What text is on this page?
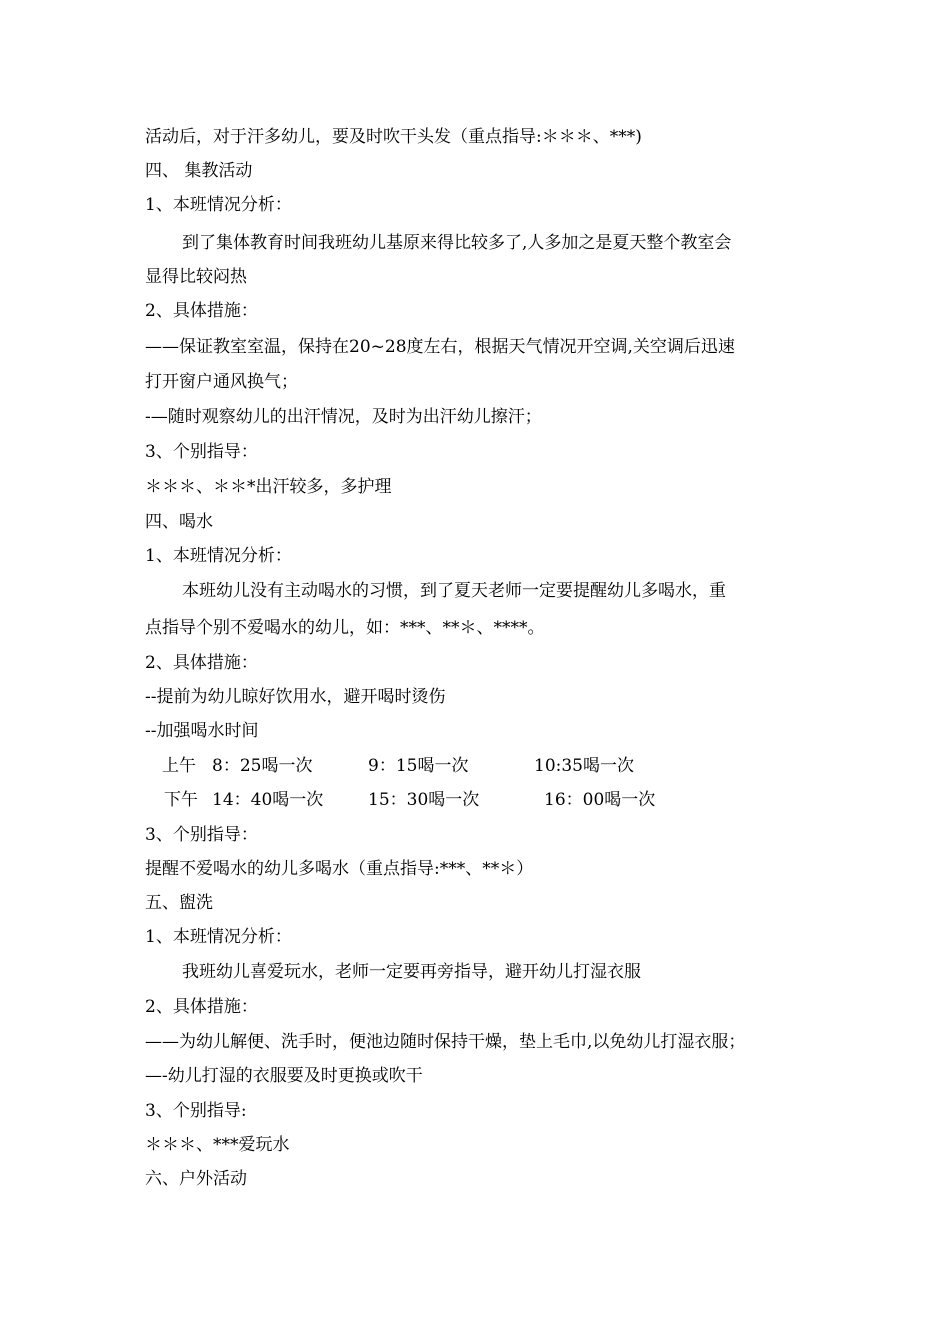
活动后，对于汗多幼儿，要及时吹干头发（重点指导:＊＊＊、***)
四、 集教活动
1、本班情况分析：
到了集体教育时间我班幼儿基原来得比较多了,人多加之是夏天整个教室会
显得比较闷热
2、具体措施：
——保证教室室温，保持在20~28度左右，根据天气情况开空调,关空调后迅速
打开窗户通风换气；
-—随时观察幼儿的出汗情况，及时为出汗幼儿擦汗；
3、个别指导：
＊＊＊、＊＊*出汗较多，多护理
四、喝水
1、本班情况分析：
本班幼儿没有主动喝水的习惯，到了夏天老师一定要提醒幼儿多喝水，重
点指导个别不爱喝水的幼儿，如：***、**＊、****。
2、具体措施：
--提前为幼儿晾好饮用水，避开喝时烫伤
--加强喝水时间
上午 8：25喝一次	9：15喝一次	10:35喝一次
下午 14：40喝一次	15：30喝一次	16：00喝一次
3、个别指导：
提醒不爱喝水的幼儿多喝水（重点指导:***、**＊）
五、盥洗
1、本班情况分析：
我班幼儿喜爱玩水，老师一定要再旁指导，避开幼儿打湿衣服
2、具体措施：
——为幼儿解便、洗手时，便池边随时保持干燥，垫上毛巾,以免幼儿打湿衣服；
—-幼儿打湿的衣服要及时更换或吹干
3、个别指导:
＊＊＊、***爱玩水
六、户外活动
